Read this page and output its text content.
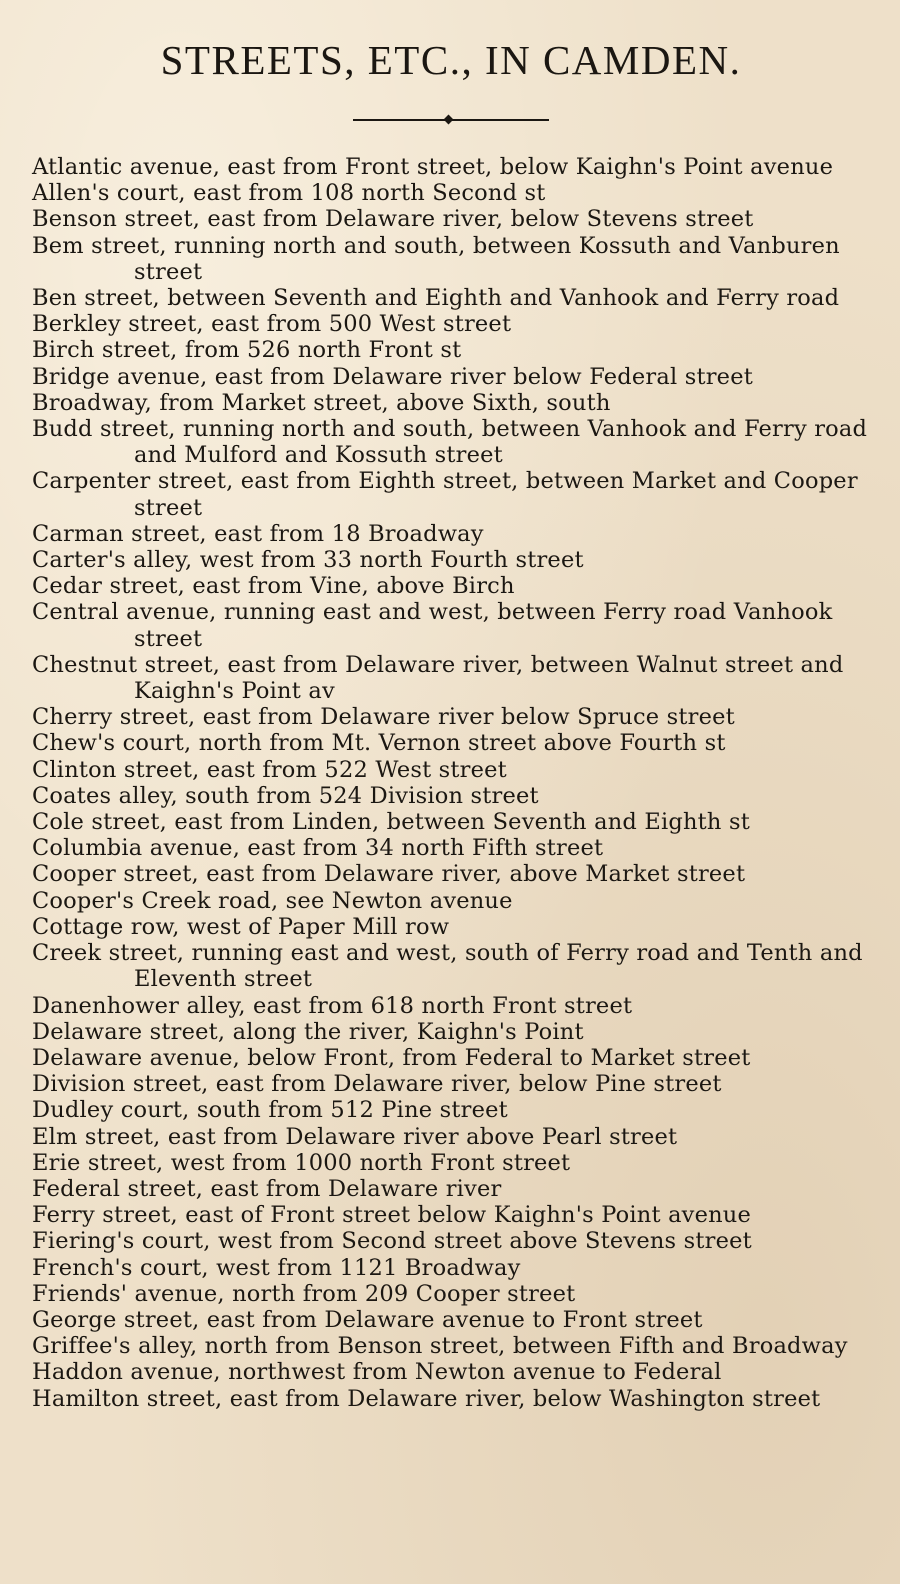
STREETS, ETC., IN CAMDEN.
Atlantic avenue, east from Front street, below Kaighn's Point avenue
Allen's court, east from 108 north Second st
Benson street, east from Delaware river, below Stevens street
Bem street, running north and south, between Kossuth and Vanburen street
Ben street, between Seventh and Eighth and Vanhook and Ferry road
Berkley street, east from 500 West street
Birch street, from 526 north Front st
Bridge avenue, east from Delaware river below Federal street
Broadway, from Market street, above Sixth, south
Budd street, running north and south, between Vanhook and Ferry road and Mulford and Kossuth street
Carpenter street, east from Eighth street, between Market and Cooper street
Carman street, east from 18 Broadway
Carter's alley, west from 33 north Fourth street
Cedar street, east from Vine, above Birch
Central avenue, running east and west, between Ferry road Vanhook street
Chestnut street, east from Delaware river, between Walnut street and Kaighn's Point av
Cherry street, east from Delaware river below Spruce street
Chew's court, north from Mt. Vernon street above Fourth st
Clinton street, east from 522 West street
Coates alley, south from 524 Division street
Cole street, east from Linden, between Seventh and Eighth st
Columbia avenue, east from 34 north Fifth street
Cooper street, east from Delaware river, above Market street
Cooper's Creek road, see Newton avenue
Cottage row, west of Paper Mill row
Creek street, running east and west, south of Ferry road and Tenth and Eleventh street
Danenhower alley, east from 618 north Front street
Delaware street, along the river, Kaighn's Point
Delaware avenue, below Front, from Federal to Market street
Division street, east from Delaware river, below Pine street
Dudley court, south from 512 Pine street
Elm street, east from Delaware river above Pearl street
Erie street, west from 1000 north Front street
Federal street, east from Delaware river
Ferry street, east of Front street below Kaighn's Point avenue
Fiering's court, west from Second street above Stevens street
French's court, west from 1121 Broadway
Friends' avenue, north from 209 Cooper street
George street, east from Delaware avenue to Front street
Griffee's alley, north from Benson street, between Fifth and Broadway
Haddon avenue, northwest from Newton avenue to Federal
Hamilton street, east from Delaware river, below Washington street
